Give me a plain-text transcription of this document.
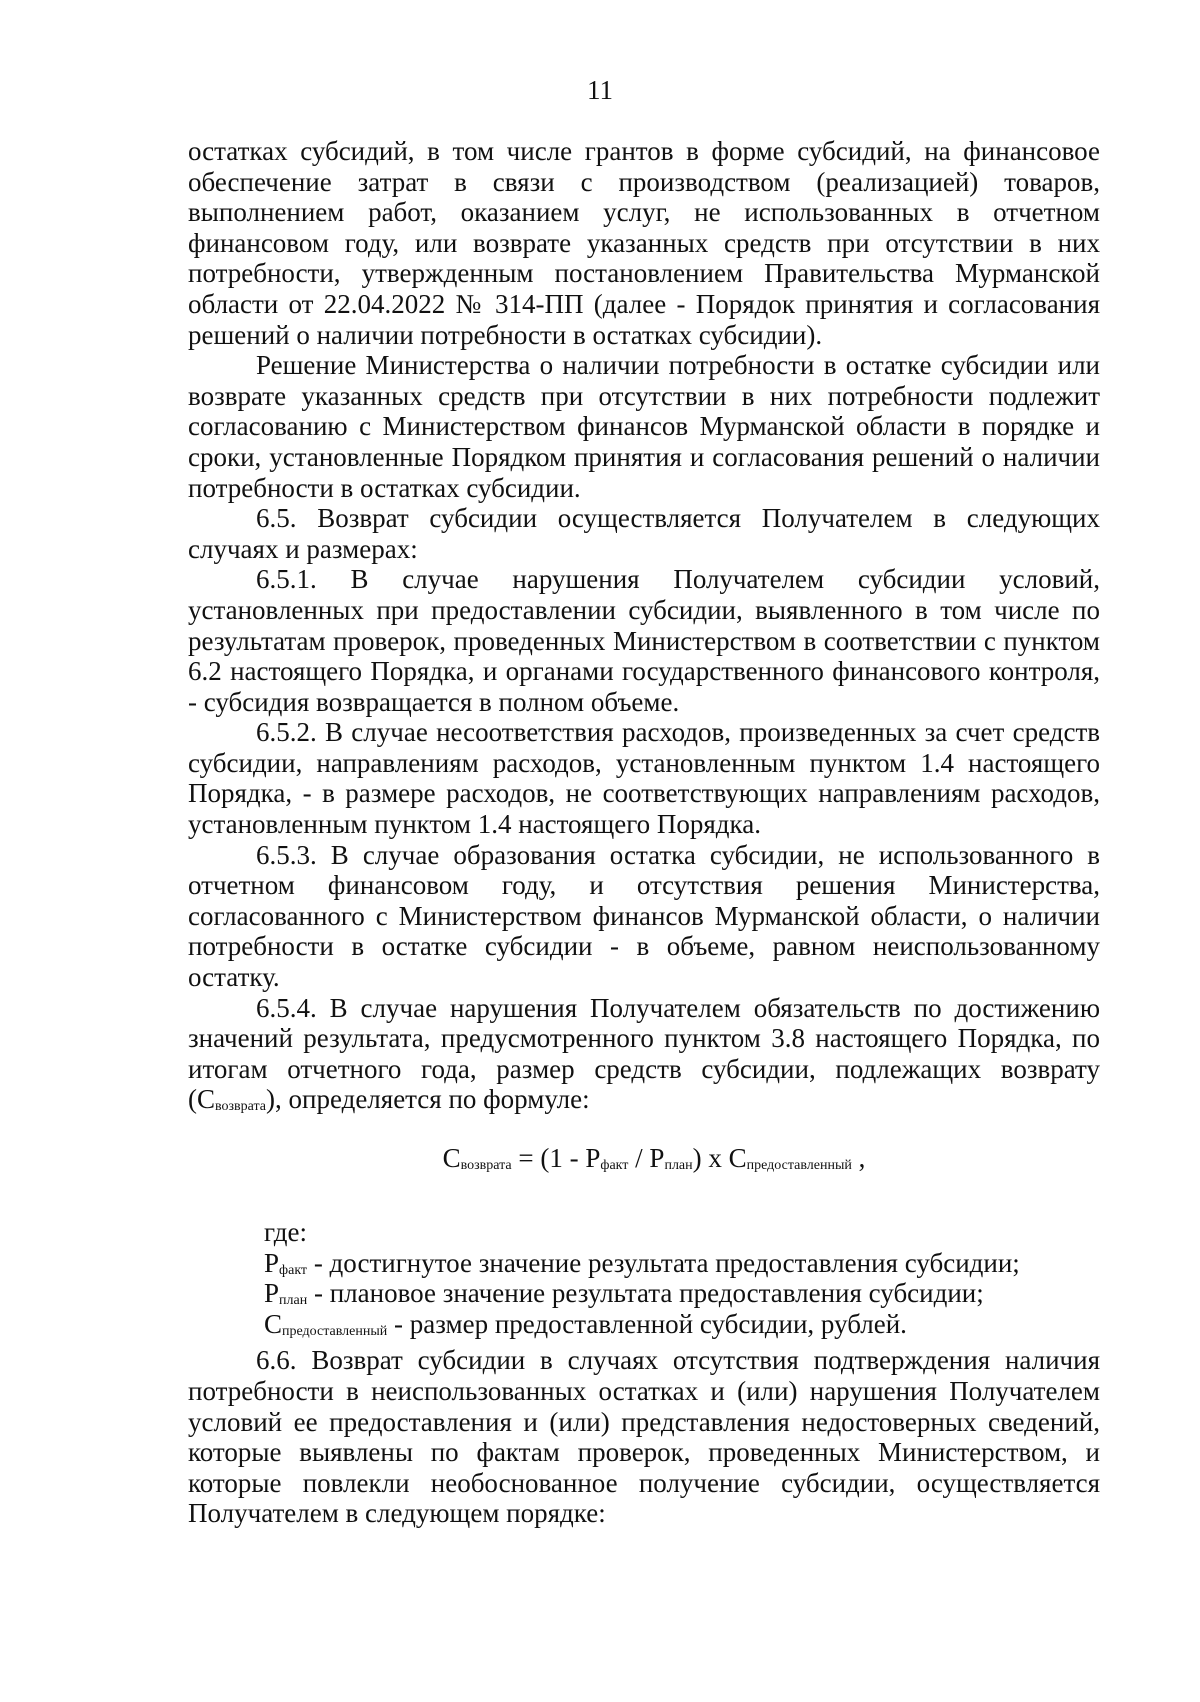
11

остатках субсидий, в том числе грантов в форме субсидий, на финансовое обеспечение затрат в связи с производством (реализацией) товаров, выполнением работ, оказанием услуг, не использованных в отчетном финансовом году, или возврате указанных средств при отсутствии в них потребности, утвержденным постановлением Правительства Мурманской области от 22.04.2022 № 314-ПП (далее - Порядок принятия и согласования решений о наличии потребности в остатках субсидии).

Решение Министерства о наличии потребности в остатке субсидии или возврате указанных средств при отсутствии в них потребности подлежит согласованию с Министерством финансов Мурманской области в порядке и сроки, установленные Порядком принятия и согласования решений о наличии потребности в остатках субсидии.

6.5. Возврат субсидии осуществляется Получателем в следующих случаях и размерах:

6.5.1. В случае нарушения Получателем субсидии условий, установленных при предоставлении субсидии, выявленного в том числе по результатам проверок, проведенных Министерством в соответствии с пунктом 6.2 настоящего Порядка, и органами государственного финансового контроля, - субсидия возвращается в полном объеме.

6.5.2. В случае несоответствия расходов, произведенных за счет средств субсидии, направлениям расходов, установленным пунктом 1.4 настоящего Порядка, - в размере расходов, не соответствующих направлениям расходов, установленным пунктом 1.4 настоящего Порядка.

6.5.3. В случае образования остатка субсидии, не использованного в отчетном финансовом году, и отсутствия решения Министерства, согласованного с Министерством финансов Мурманской области, о наличии потребности в остатке субсидии - в объеме, равном неиспользованному остатку.

6.5.4. В случае нарушения Получателем обязательств по достижению значений результата, предусмотренного пунктом 3.8 настоящего Порядка, по итогам отчетного года, размер средств субсидии, подлежащих возврату $(С_{возврата})$, определяется по формуле:

$С_{возврата} = (1 - Р_{факт} / Р_{план})$ х $С_{предоставленный}$ ,
где:
$Р_{факт}$ - достигнутое значение результата предоставления субсидии;
$Р_{план}$ - плановое значение результата предоставления субсидии;
$С_{предоставленный}$ - размер предоставленной субсидии, рублей.

6.6. Возврат субсидии в случаях отсутствия подтверждения наличия потребности в неиспользованных остатках и (или) нарушения Получателем условий ее предоставления и (или) представления недостоверных сведений, которые выявлены по фактам проверок, проведенных Министерством, и которые повлекли необоснованное получение субсидии, осуществляется Получателем в следующем порядке:
